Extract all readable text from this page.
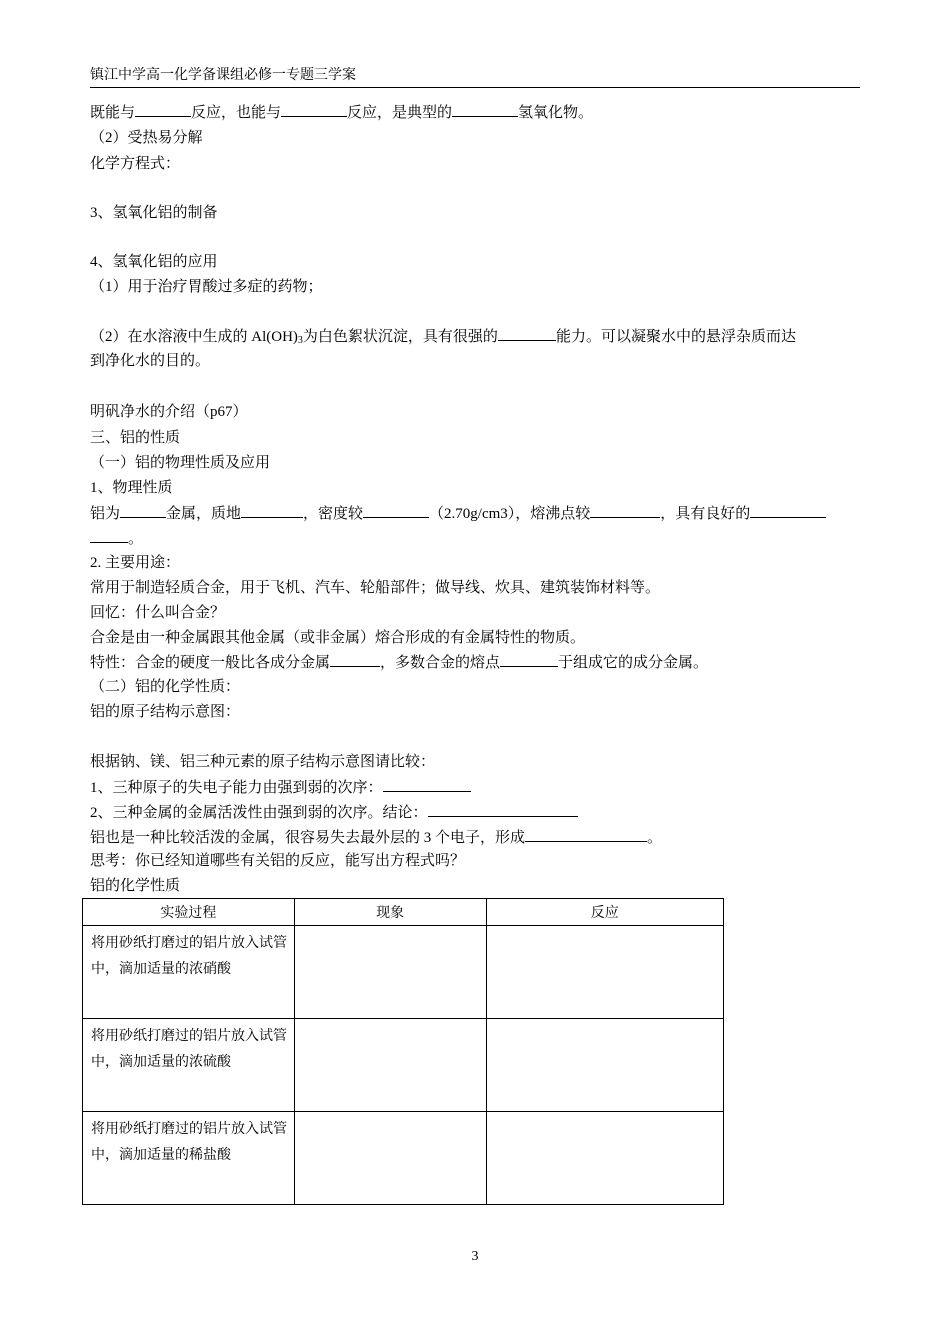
镇江中学高一化学备课组必修一专题三学案
既能与	反应，也能与	反应，是典型的	氢氧化物。
（2）受热易分解
化学方程式：
3、氢氧化铝的制备
4、氢氧化铝的应用
（1）用于治疗胃酸过多症的药物；
（2）在水溶液中生成的 $Al(OH)_3$为白色絮状沉淀，具有很强的	能力。可以凝聚水中的悬浮杂质而达
到净化水的目的。
明矾净水的介绍（p67）
三、铝的性质
（一）铝的物理性质及应用
1、物理性质
铝为	金属，质地	，密度较	（2.70g/cm3），熔沸点较	，具有良好的
。
2. 主要用途：
常用于制造轻质合金，用于飞机、汽车、轮船部件；做导线、炊具、建筑装饰材料等。
回忆：什么叫合金？
合金是由一种金属跟其他金属（或非金属）熔合形成的有金属特性的物质。
特性：合金的硬度一般比各成分金属	，多数合金的熔点	于组成它的成分金属。
（二）铝的化学性质：
铝的原子结构示意图：
根据钠、镁、铝三种元素的原子结构示意图请比较：
1、三种原子的失电子能力由强到弱的次序：
2、三种金属的金属活泼性由强到弱的次序。结论：
铝也是一种比较活泼的金属，很容易失去最外层的 3 个电子，形成	。
思考：你已经知道哪些有关铝的反应，能写出方程式吗？
铝的化学性质
实验过程	现象	反应
将用砂纸打磨过的铝片放入试管中，滴加适量的浓硝酸		
将用砂纸打磨过的铝片放入试管中，滴加适量的浓硫酸		
将用砂纸打磨过的铝片放入试管中，滴加适量的稀盐酸		
3
